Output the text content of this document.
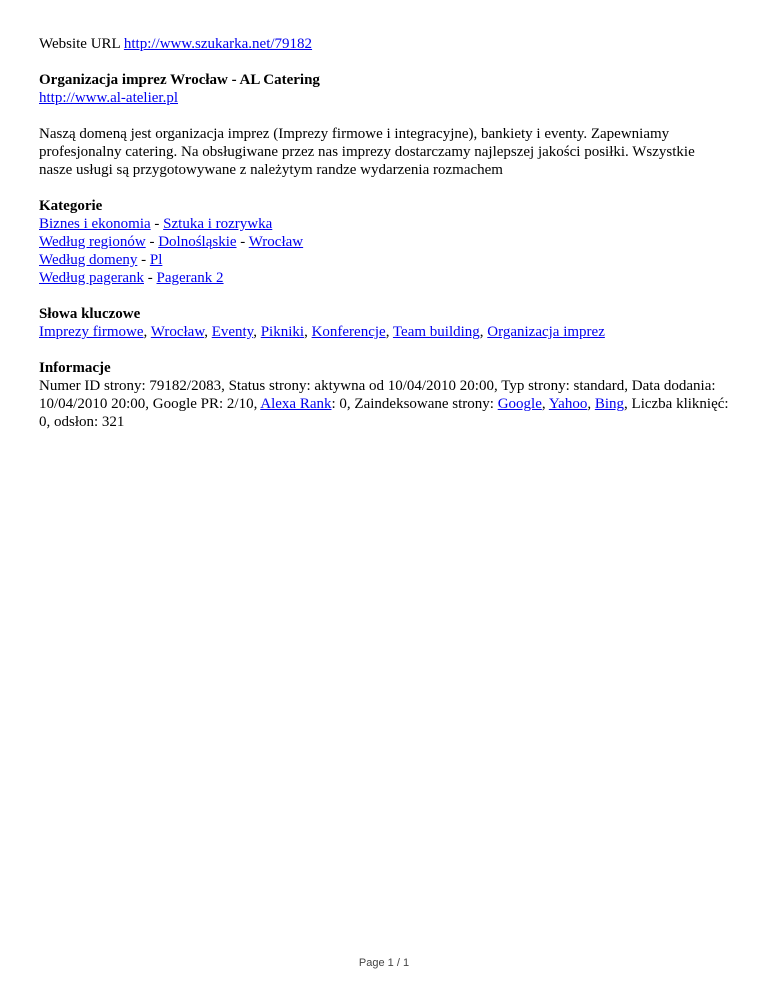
Website URL http://www.szukarka.net/79182

Organizacja imprez Wrocław - AL Catering

http://www.al-atelier.pl

Naszą domeną jest organizacja imprez (Imprezy firmowe i integracyjne), bankiety i eventy. Zapewniamy profesjonalny catering. Na obsługiwane przez nas imprezy dostarczamy najlepszej jakości posiłki. Wszystkie nasze usługi są przygotowywane z należytym randze wydarzenia rozmachem

Kategorie

Biznes i ekonomia - Sztuka i rozrywka

Według regionów - Dolnośląskie - Wrocław

Według domeny - Pl

Według pagerank - Pagerank 2

Słowa kluczowe

Imprezy firmowe, Wrocław, Eventy, Pikniki, Konferencje, Team building, Organizacja imprez

Informacje

Numer ID strony: 79182/2083, Status strony: aktywna od 10/04/2010 20:00, Typ strony: standard, Data dodania: 10/04/2010 20:00, Google PR: 2/10, Alexa Rank: 0, Zaindeksowane strony: Google, Yahoo, Bing, Liczba kliknięć: 0, odsłon: 321

Page 1 / 1
